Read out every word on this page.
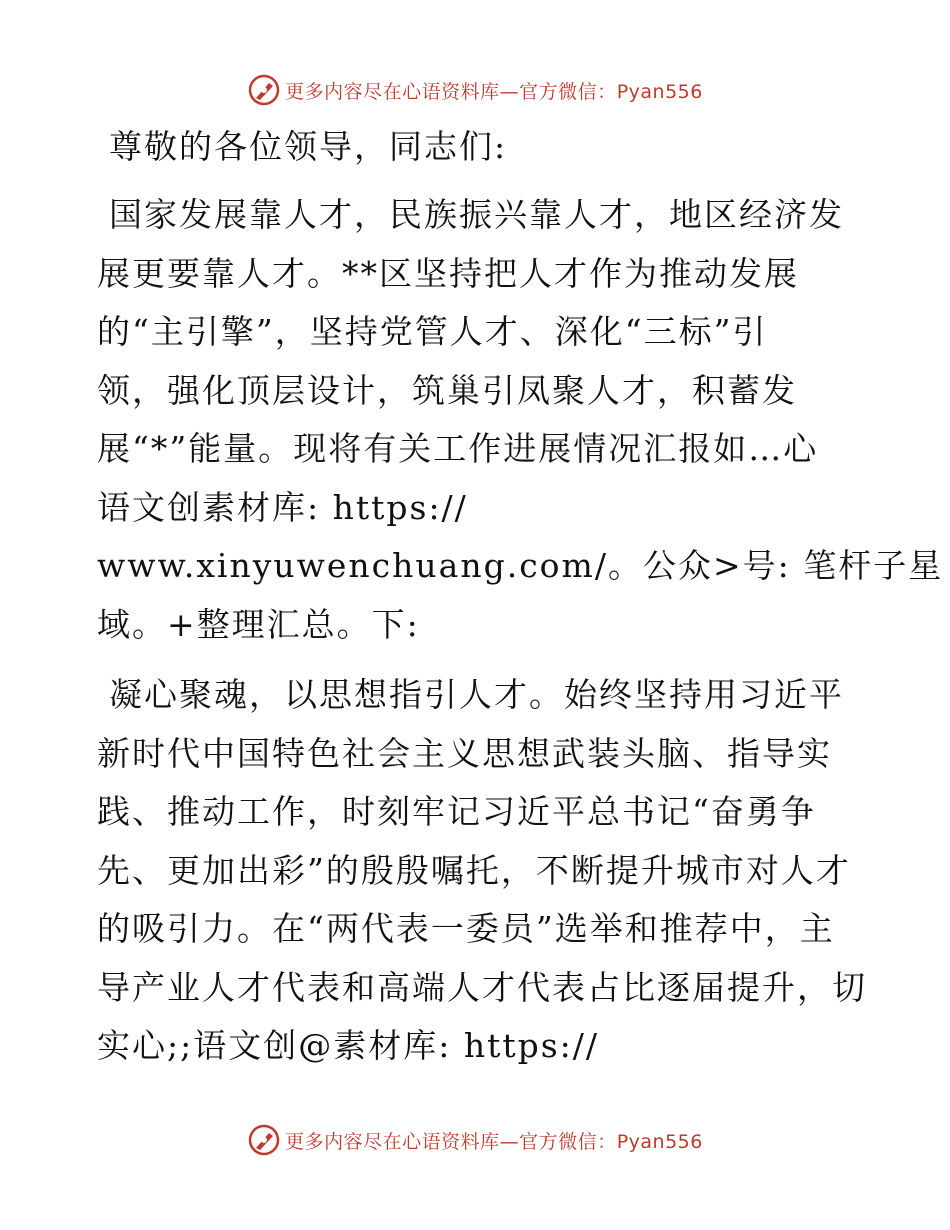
更多内容尽在心语资料库—官方微信：Pyan556
尊敬的各位领导，同志们:
国家发展靠人才，民族振兴靠人才，地区经济发
展更要靠人才。**区坚持把人才作为推动发展
的“主引擎”，坚持党管人才、深化“三标”引
领，强化顶层设计，筑巢引凤聚人才，积蓄发
展“*”能量。现将有关工作进展情况汇报如…心
语文创素材库: https://
www.xinyuwenchuang.com/。公众>号: 笔杆子星
域。+整理汇总。下:
凝心聚魂，以思想指引人才。始终坚持用习近平
新时代中国特色社会主义思想武装头脑、指导实
践、推动工作，时刻牢记习近平总书记“奋勇争
先、更加出彩”的殷殷嘱托，不断提升城市对人才
的吸引力。在“两代表一委员”选举和推荐中，主
导产业人才代表和高端人才代表占比逐届提升，切
实心;;语文创@素材库: https://
更多内容尽在心语资料库—官方微信：Pyan556
